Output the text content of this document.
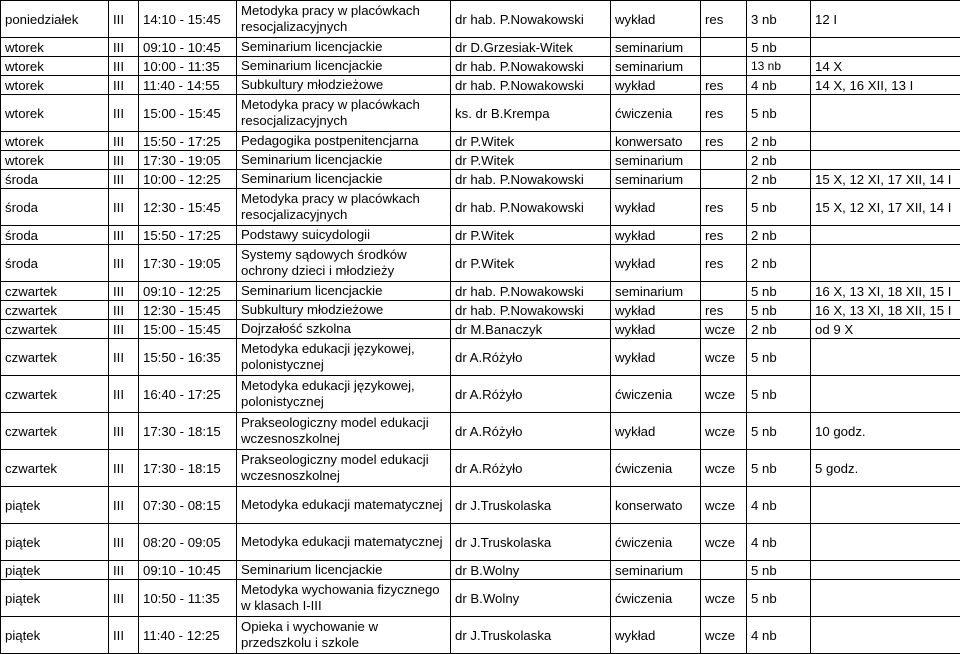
poniedziałek	III	14:10 - 15:45	Metodyka pracy w placówkach resocjalizacyjnych	dr hab. P.Nowakowski	wykład	res	3 nb	12 I
wtorek	III	09:10 - 10:45	Seminarium licencjackie	dr D.Grzesiak-Witek	seminarium		5 nb	
wtorek	III	10:00 - 11:35	Seminarium licencjackie	dr hab. P.Nowakowski	seminarium		13 nb	14 X
wtorek	III	11:40 - 14:55	Subkultury młodzieżowe	dr hab. P.Nowakowski	wykład	res	4 nb	14 X, 16 XII, 13 I
wtorek	III	15:00 - 15:45	Metodyka pracy w placówkach resocjalizacyjnych	ks. dr B.Krempa	ćwiczenia	res	5 nb	
wtorek	III	15:50 - 17:25	Pedagogika postpenitencjarna	dr P.Witek	konwersato	res	2 nb	
wtorek	III	17:30 - 19:05	Seminarium licencjackie	dr P.Witek	seminarium		2 nb	
środa	III	10:00 - 12:25	Seminarium licencjackie	dr hab. P.Nowakowski	seminarium		2 nb	15 X, 12 XI, 17 XII, 14 I
środa	III	12:30 - 15:45	Metodyka pracy w placówkach resocjalizacyjnych	dr hab. P.Nowakowski	wykład	res	5 nb	15 X, 12 XI, 17 XII, 14 I
środa	III	15:50 - 17:25	Podstawy suicydologii	dr P.Witek	wykład	res	2 nb	
środa	III	17:30 - 19:05	Systemy sądowych środków ochrony dzieci i młodzieży	dr P.Witek	wykład	res	2 nb	
czwartek	III	09:10 - 12:25	Seminarium licencjackie	dr hab. P.Nowakowski	seminarium		5 nb	16 X, 13 XI, 18 XII, 15 I
czwartek	III	12:30 - 15:45	Subkultury młodzieżowe	dr hab. P.Nowakowski	wykład	res	5 nb	16 X, 13 XI, 18 XII, 15 I
czwartek	III	15:00 - 15:45	Dojrzałość szkolna	dr M.Banaczyk	wykład	wcze	2 nb	od 9 X
czwartek	III	15:50 - 16:35	Metodyka edukacji językowej, polonistycznej	dr A.Różyło	wykład	wcze	5 nb	
czwartek	III	16:40 - 17:25	Metodyka edukacji językowej, polonistycznej	dr A.Różyło	ćwiczenia	wcze	5 nb	
czwartek	III	17:30 - 18:15	Prakseologiczny model edukacji wczesnoszkolnej	dr A.Różyło	wykład	wcze	5 nb	10 godz.
czwartek	III	17:30 - 18:15	Prakseologiczny model edukacji wczesnoszkolnej	dr A.Różyło	ćwiczenia	wcze	5 nb	5 godz.
piątek	III	07:30 - 08:15	Metodyka edukacji matematycznej	dr J.Truskolaska	konserwato	wcze	4 nb	
piątek	III	08:20 - 09:05	Metodyka edukacji matematycznej	dr J.Truskolaska	ćwiczenia	wcze	4 nb	
piątek	III	09:10 - 10:45	Seminarium licencjackie	dr B.Wolny	seminarium		5 nb	
piątek	III	10:50 - 11:35	Metodyka wychowania fizycznego w klasach I-III	dr B.Wolny	ćwiczenia	wcze	5 nb	
piątek	III	11:40 - 12:25	Opieka i wychowanie w przedszkolu i szkole	dr J.Truskolaska	wykład	wcze	4 nb	
